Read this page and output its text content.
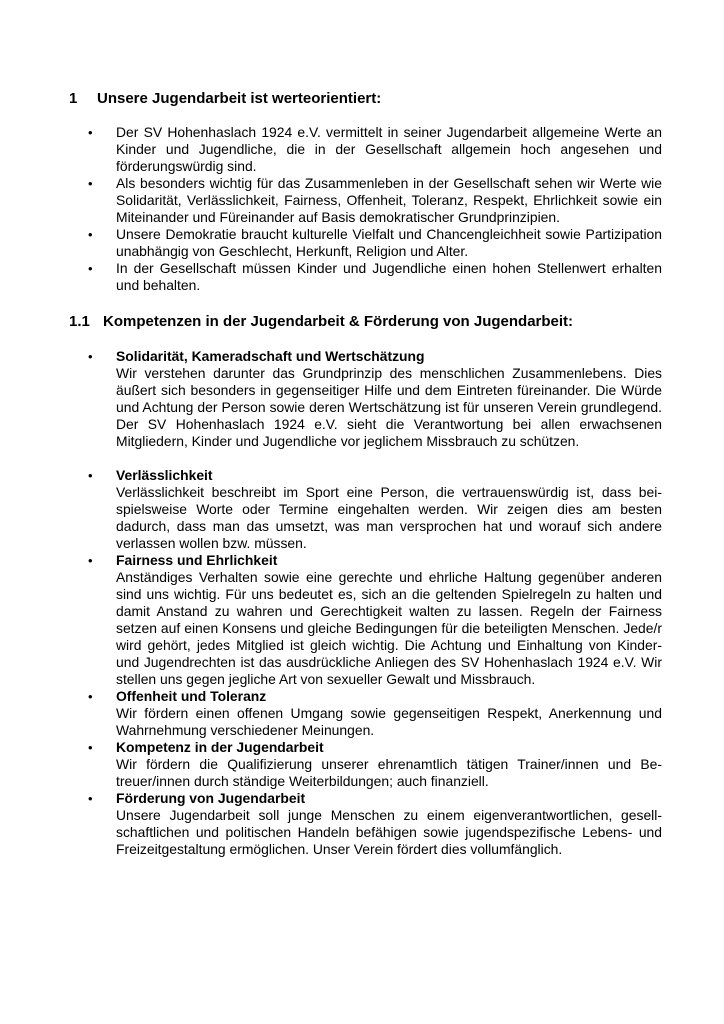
1 Unsere Jugendarbeit ist werteorientiert:
• Der SV Hohenhaslach 1924 e.V. vermittelt in seiner Jugendarbeit allgemeine Werte an Kinder und Jugendliche, die in der Gesellschaft allgemein hoch angesehen und förderungswürdig sind.
• Als besonders wichtig für das Zusammenleben in der Gesellschaft sehen wir Werte wie Solidarität, Verlässlichkeit, Fairness, Offenheit, Toleranz, Respekt, Ehrlichkeit sowie ein Miteinander und Füreinander auf Basis demokratischer Grundprinzipien.
• Unsere Demokratie braucht kulturelle Vielfalt und Chancengleichheit sowie Partizipation unabhängig von Geschlecht, Herkunft, Religion und Alter.
• In der Gesellschaft müssen Kinder und Jugendliche einen hohen Stellenwert erhalten und behalten.
1.1 Kompetenzen in der Jugendarbeit & Förderung von Jugendarbeit:
• Solidarität, Kameradschaft und Wertschätzung
Wir verstehen darunter das Grundprinzip des menschlichen Zusammenlebens. Dies äußert sich besonders in gegenseitiger Hilfe und dem Eintreten füreinander. Die Würde und Achtung der Person sowie deren Wertschätzung ist für unseren Verein grundlegend. Der SV Hohenhaslach 1924 e.V. sieht die Verantwortung bei allen erwachsenen Mitgliedern, Kinder und Jugendliche vor jeglichem Missbrauch zu schützen.
• Verlässlichkeit
Verlässlichkeit beschreibt im Sport eine Person, die vertrauenswürdig ist, dass beispielsweise Worte oder Termine eingehalten werden. Wir zeigen dies am besten dadurch, dass man das umsetzt, was man versprochen hat und worauf sich andere verlassen wollen bzw. müssen.
• Fairness und Ehrlichkeit
Anständiges Verhalten sowie eine gerechte und ehrliche Haltung gegenüber anderen sind uns wichtig. Für uns bedeutet es, sich an die geltenden Spielregeln zu halten und damit Anstand zu wahren und Gerechtigkeit walten zu lassen. Regeln der Fairness setzen auf einen Konsens und gleiche Bedingungen für die beteiligten Menschen. Jede/r wird gehört, jedes Mitglied ist gleich wichtig. Die Achtung und Einhaltung von Kinder- und Jugendrechten ist das ausdrückliche Anliegen des SV Hohenhaslach 1924 e.V. Wir stellen uns gegen jegliche Art von sexueller Gewalt und Missbrauch.
• Offenheit und Toleranz
Wir fördern einen offenen Umgang sowie gegenseitigen Respekt, Anerkennung und Wahrnehmung verschiedener Meinungen.
• Kompetenz in der Jugendarbeit
Wir fördern die Qualifizierung unserer ehrenamtlich tätigen Trainer/innen und Betreuer/innen durch ständige Weiterbildungen; auch finanziell.
• Förderung von Jugendarbeit
Unsere Jugendarbeit soll junge Menschen zu einem eigenverantwortlichen, gesellschaftlichen und politischen Handeln befähigen sowie jugendspezifische Lebens- und Freizeitgestaltung ermöglichen. Unser Verein fördert dies vollumfänglich.
